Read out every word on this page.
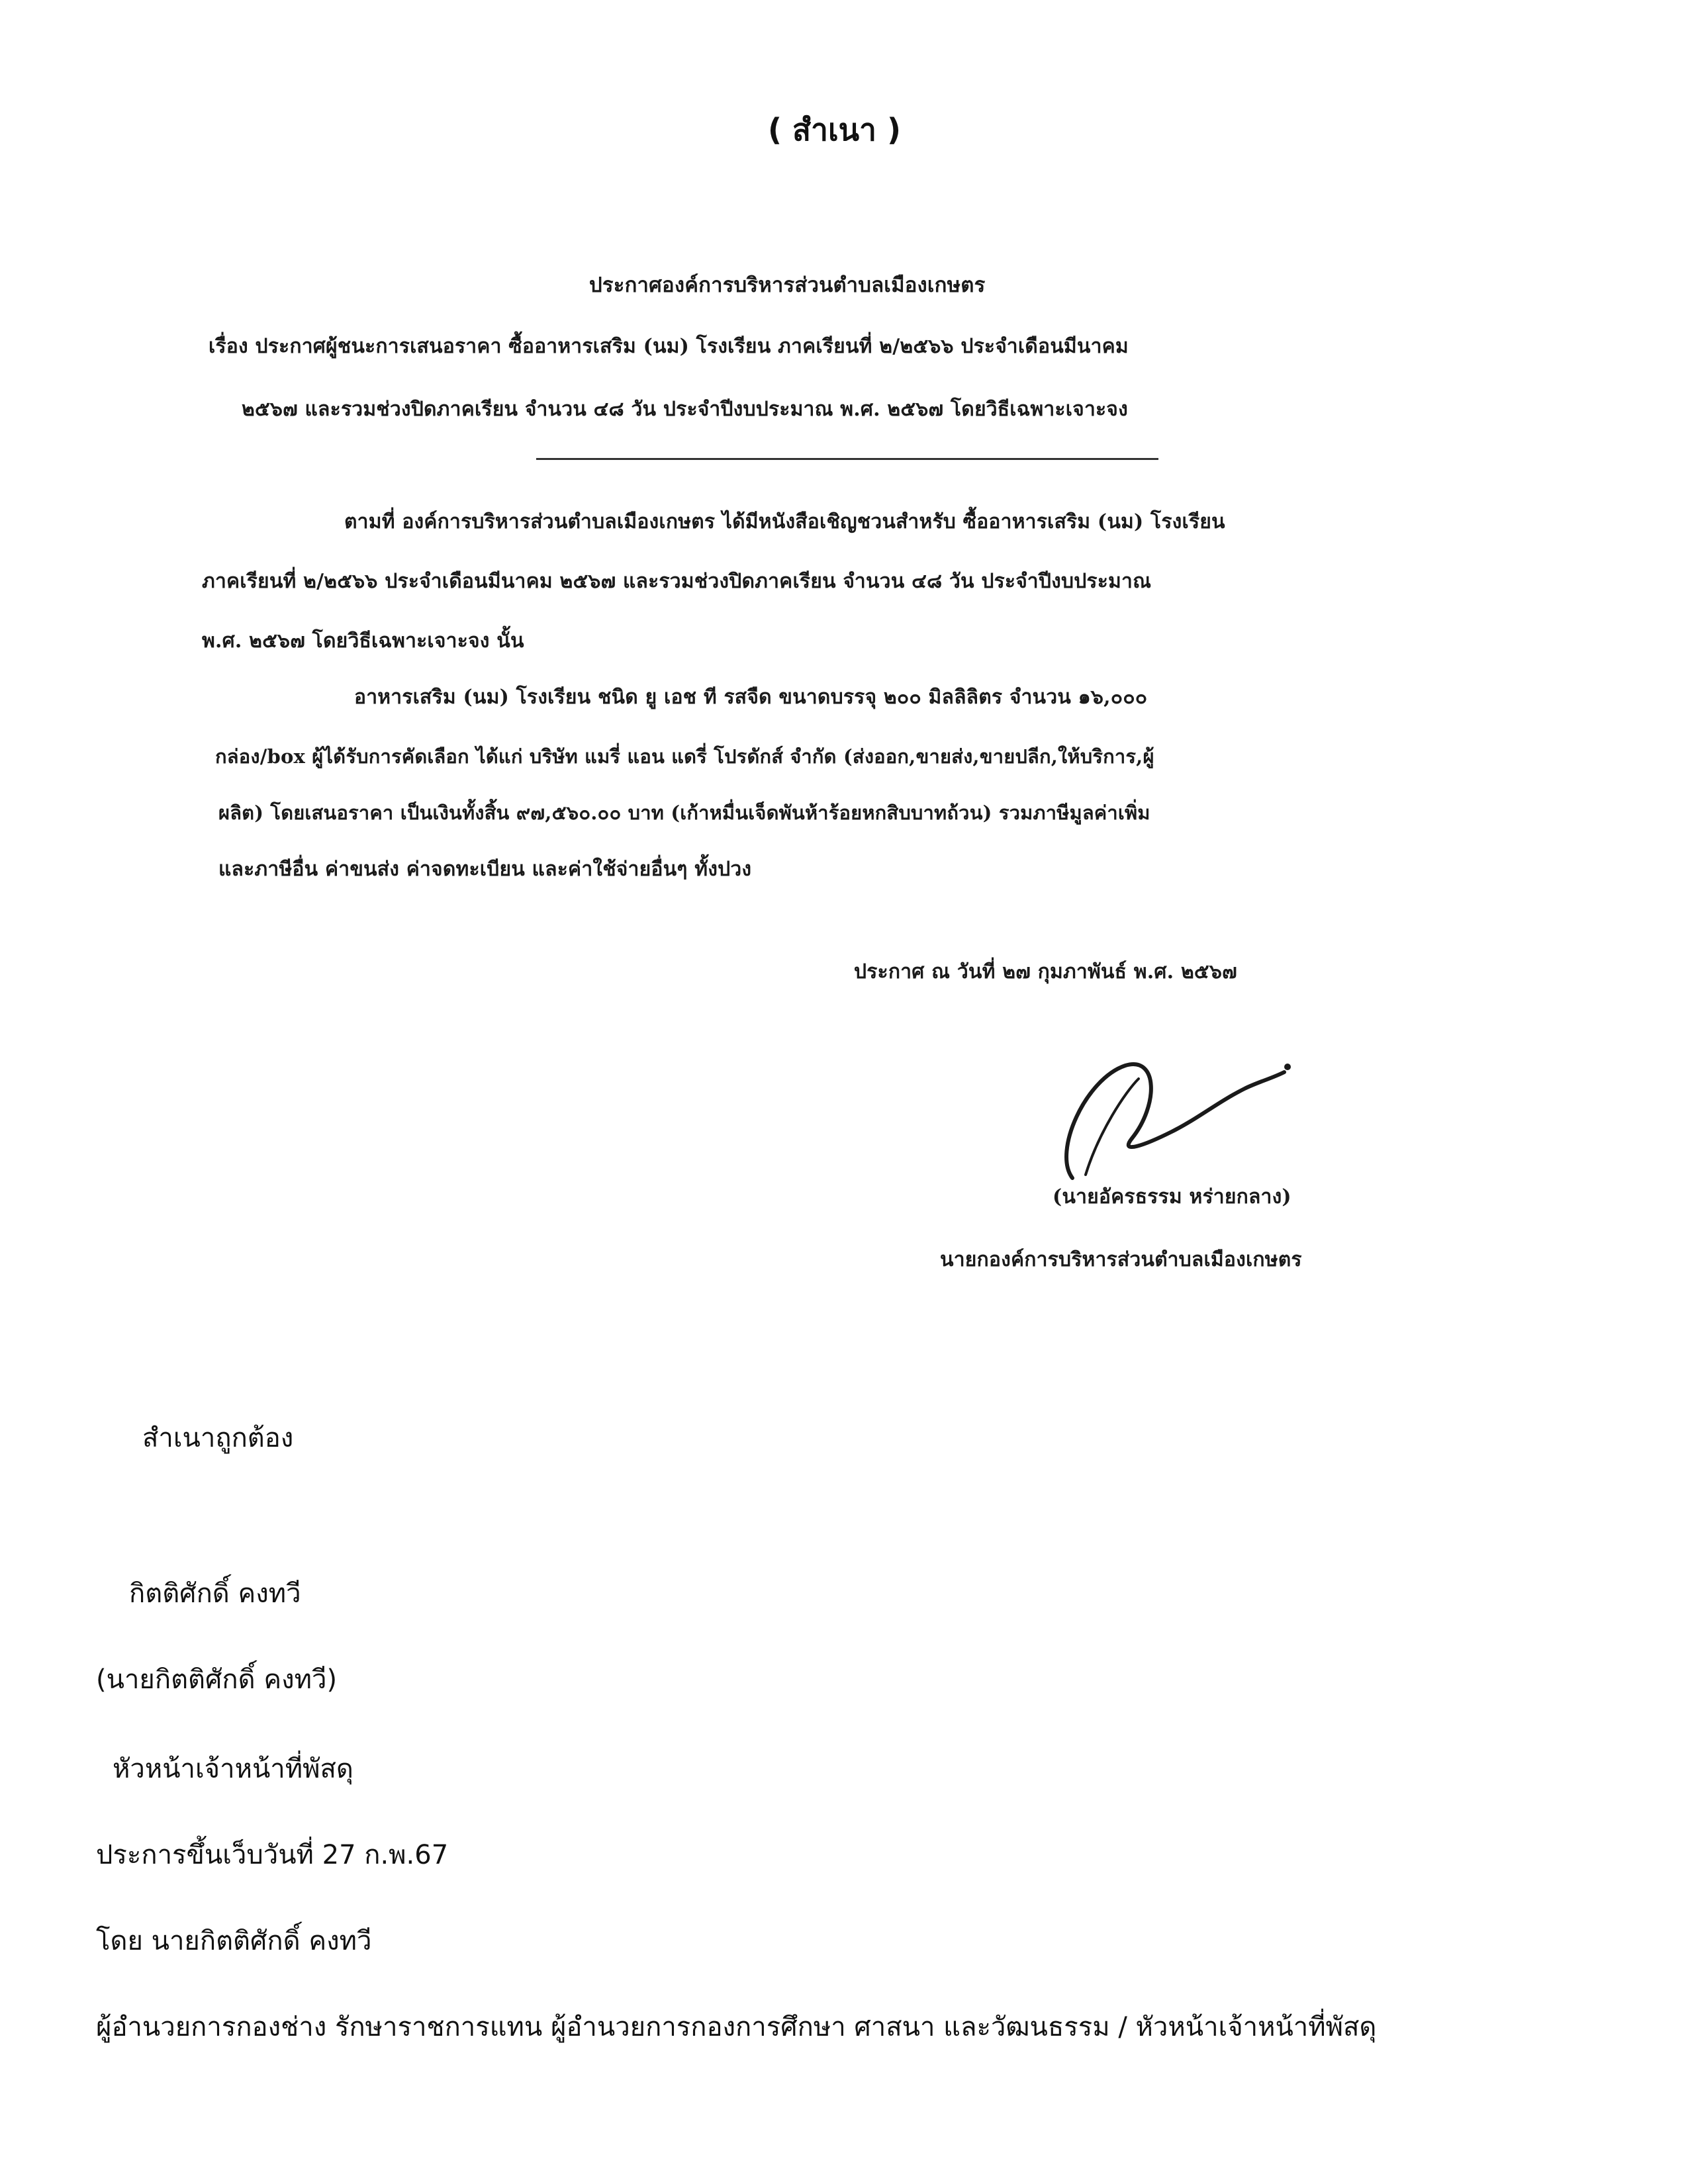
( สำเนา )
ประกาศองค์การบริหารส่วนตำบลเมืองเกษตร
เรื่อง ประกาศผู้ชนะการเสนอราคา ซื้ออาหารเสริม (นม) โรงเรียน ภาคเรียนที่ ๒/๒๕๖๖ ประจำเดือนมีนาคม
๒๕๖๗ และรวมช่วงปิดภาคเรียน จำนวน ๔๘ วัน ประจำปีงบประมาณ พ.ศ. ๒๕๖๗ โดยวิธีเฉพาะเจาะจง
ตามที่ องค์การบริหารส่วนตำบลเมืองเกษตร ได้มีหนังสือเชิญชวนสำหรับ ซื้ออาหารเสริม (นม) โรงเรียน
ภาคเรียนที่ ๒/๒๕๖๖ ประจำเดือนมีนาคม ๒๕๖๗ และรวมช่วงปิดภาคเรียน จำนวน ๔๘ วัน ประจำปีงบประมาณ
พ.ศ. ๒๕๖๗ โดยวิธีเฉพาะเจาะจง นั้น
อาหารเสริม (นม) โรงเรียน ชนิด ยู เอช ที รสจืด ขนาดบรรจุ ๒๐๐ มิลลิลิตร จำนวน ๑๖,๐๐๐
กล่อง/box ผู้ได้รับการคัดเลือก ได้แก่ บริษัท แมรี่ แอน แดรี่ โปรดักส์ จำกัด (ส่งออก,ขายส่ง,ขายปลีก,ให้บริการ,ผู้
ผลิต) โดยเสนอราคา เป็นเงินทั้งสิ้น ๙๗,๕๖๐.๐๐ บาท (เก้าหมื่นเจ็ดพันห้าร้อยหกสิบบาทถ้วน) รวมภาษีมูลค่าเพิ่ม
และภาษีอื่น ค่าขนส่ง ค่าจดทะเบียน และค่าใช้จ่ายอื่นๆ ทั้งปวง
ประกาศ ณ วันที่ ๒๗ กุมภาพันธ์ พ.ศ. ๒๕๖๗
(นายอัครธรรม หร่ายกลาง)
นายกองค์การบริหารส่วนตำบลเมืองเกษตร
สำเนาถูกต้อง
กิตติศักดิ์ คงทวี
(นายกิตติศักดิ์ คงทวี)
หัวหน้าเจ้าหน้าที่พัสดุ
ประการขึ้นเว็บวันที่ 27 ก.พ.67
โดย นายกิตติศักดิ์ คงทวี
ผู้อำนวยการกองช่าง รักษาราชการแทน ผู้อำนวยการกองการศึกษา ศาสนา และวัฒนธรรม / หัวหน้าเจ้าหน้าที่พัสดุ
